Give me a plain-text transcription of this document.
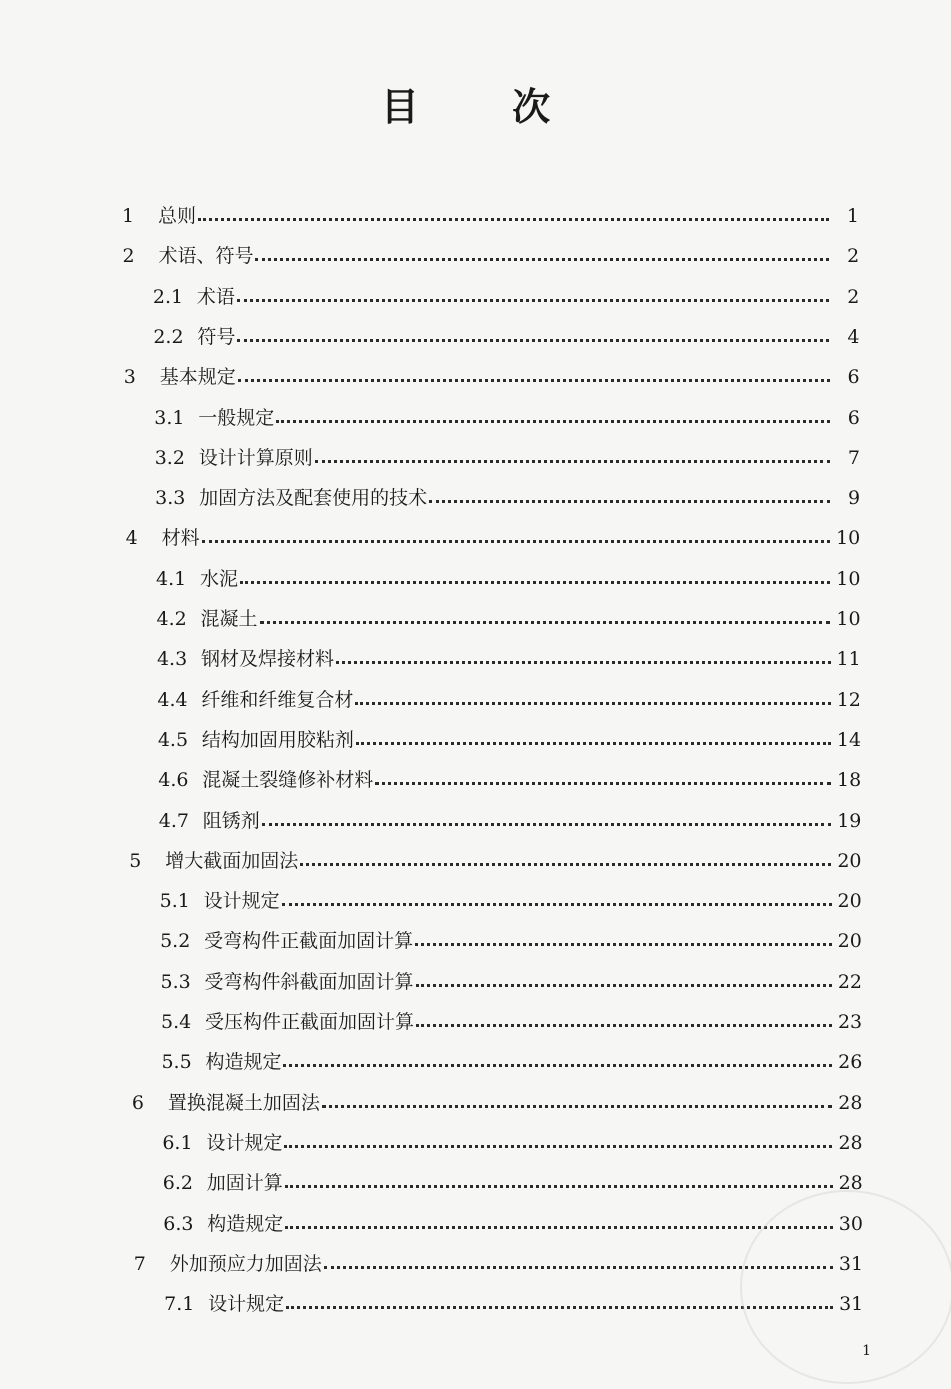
目 次
1	总则	1
2	术语、符号	2
2.1 术语	2
2.2 符号	4
3	基本规定	6
3.1 一般规定	6
3.2 设计计算原则	7
3.3 加固方法及配套使用的技术	9
4	材料	10
4.1 水泥	10
4.2 混凝土	10
4.3 钢材及焊接材料	11
4.4 纤维和纤维复合材	12
4.5 结构加固用胶粘剂	14
4.6 混凝土裂缝修补材料	18
4.7 阻锈剂	19
5	增大截面加固法	20
5.1 设计规定	20
5.2 受弯构件正截面加固计算	20
5.3 受弯构件斜截面加固计算	22
5.4 受压构件正截面加固计算	23
5.5 构造规定	26
6	置换混凝土加固法	28
6.1 设计规定	28
6.2 加固计算	28
6.3 构造规定	30
7	外加预应力加固法	31
7.1 设计规定	31
1
